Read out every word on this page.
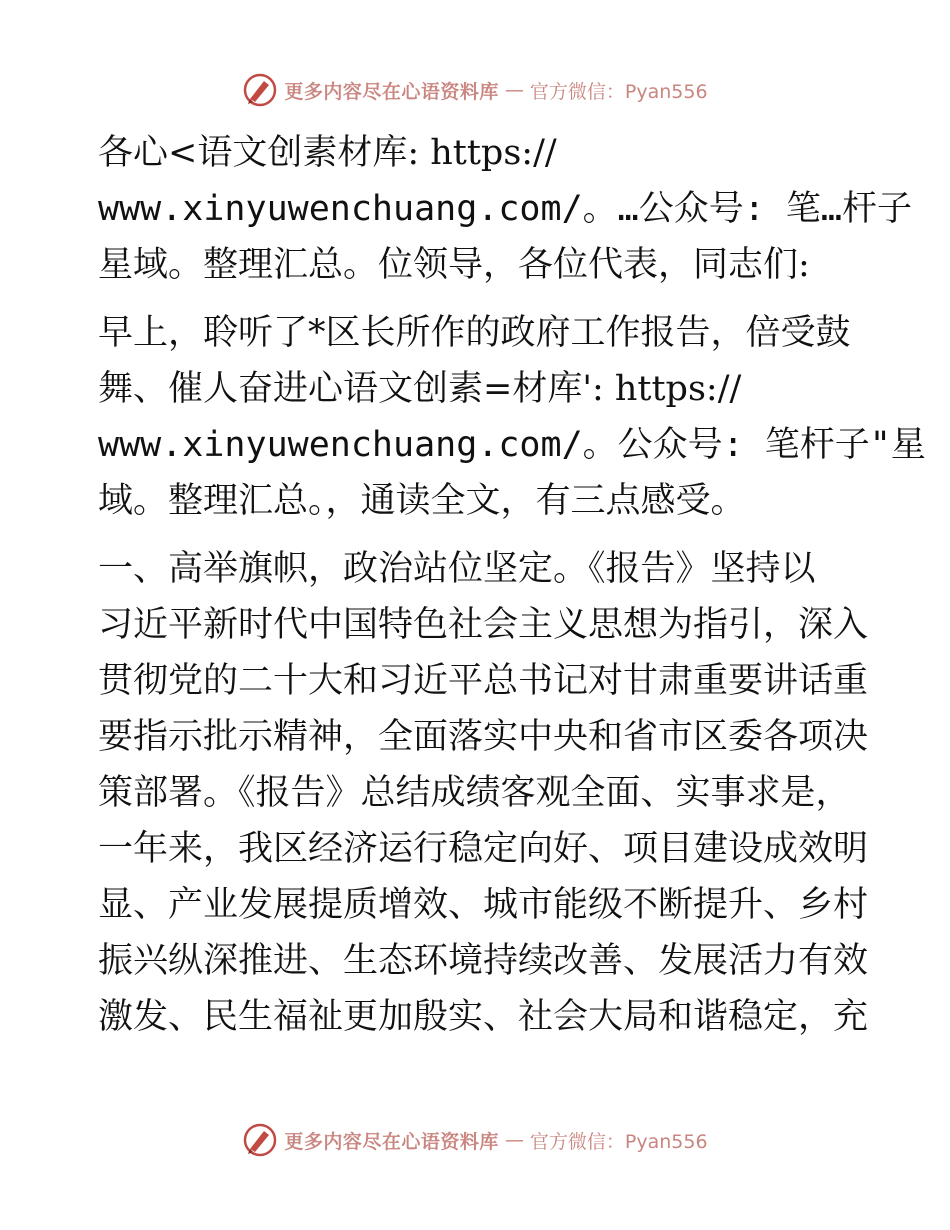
更多内容尽在心语资料库 — 官方微信：Pyan556
各心<语文创素材库: https://
www.xinyuwenchuang.com/。…公众号: 笔…杆子
星域。整理汇总。位领导，各位代表，同志们:
早上，聆听了*区长所作的政府工作报告，倍受鼓
舞、催人奋进心语文创素=材库': https://
www.xinyuwenchuang.com/。公众号: 笔杆子"星
域。整理汇总。，通读全文，有三点感受。
一、高举旗帜，政治站位坚定。《报告》坚持以
习近平新时代中国特色社会主义思想为指引，深入
贯彻党的二十大和习近平总书记对甘肃重要讲话重
要指示批示精神，全面落实中央和省市区委各项决
策部署。《报告》总结成绩客观全面、实事求是，
一年来，我区经济运行稳定向好、项目建设成效明
显、产业发展提质增效、城市能级不断提升、乡村
振兴纵深推进、生态环境持续改善、发展活力有效
激发、民生福祉更加殷实、社会大局和谐稳定，充
更多内容尽在心语资料库 — 官方微信：Pyan556
